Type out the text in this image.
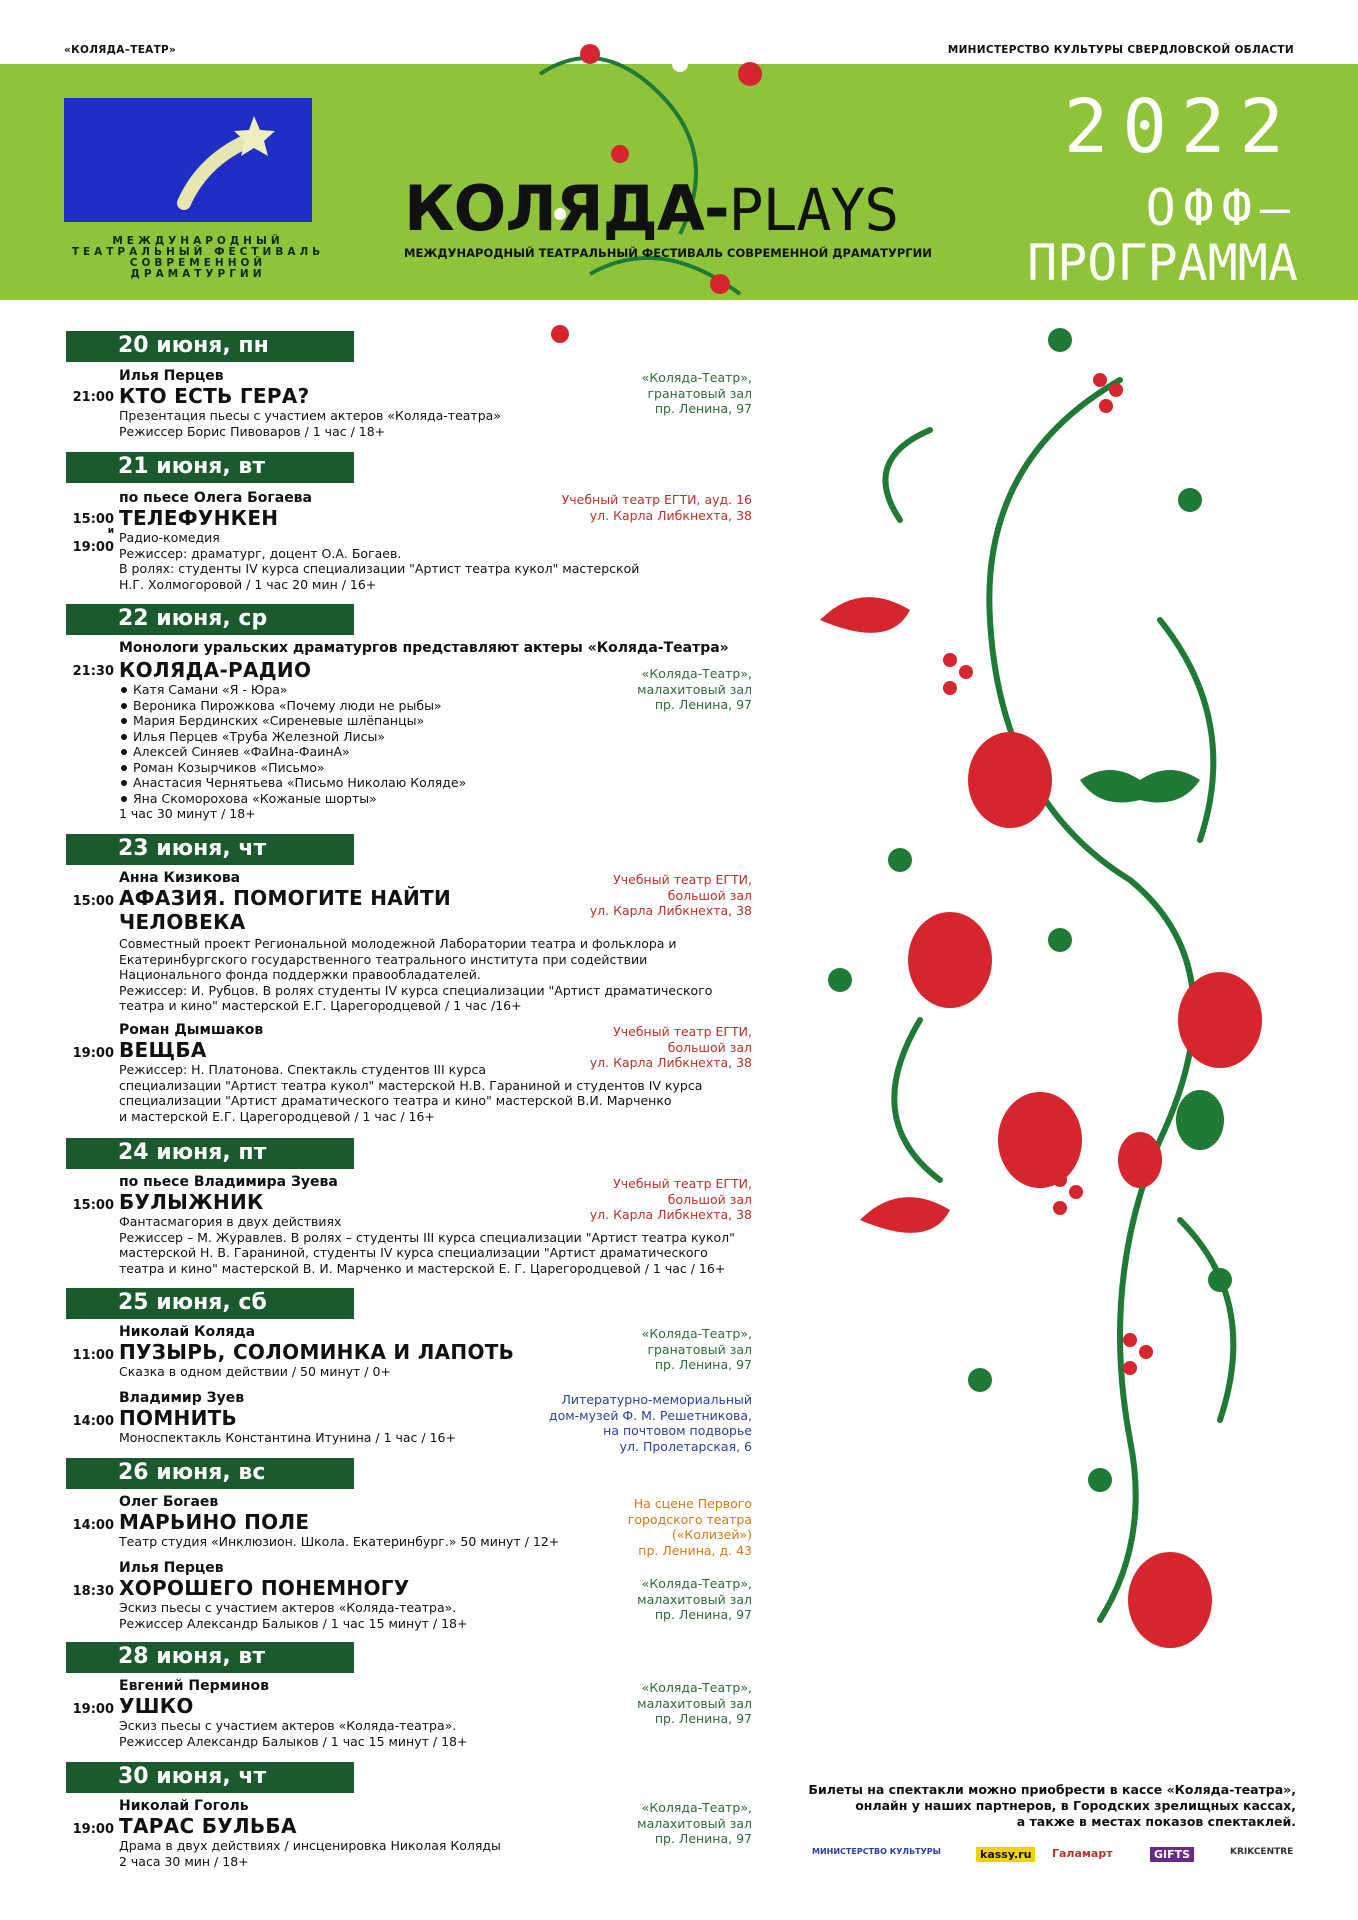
«КОЛЯДА–ТЕАТР»	МИНИСТЕРСТВО КУЛЬТУРЫ СВЕРДЛОВСКОЙ ОБЛАСТИ
МЕЖДУНАРОДНЫЙ
ТЕАТРАЛЬНЫЙ ФЕСТИВАЛЬ
СОВРЕМЕННОЙ ДРАМАТУРГИИ
КОЛЯДА-PLAYS
МЕЖДУНАРОДНЫЙ ТЕАТРАЛЬНЫЙ ФЕСТИВАЛЬ СОВРЕМЕННОЙ ДРАМАТУРГИИ
2022
ОФФ–
ПРОГРАММА
20 июня, пн
Илья Перцев
21:00 КТО ЕСТЬ ГЕРА?
Презентация пьесы с участием актеров «Коляда-театра»
Режиссер Борис Пивоваров / 1 час / 18+
«Коляда-Театр»,
гранатовый зал
пр. Ленина, 97
21 июня, вт
по пьесе Олега Богаева
15:00
и
19:00
ТЕЛЕФУНКЕН
Радио-комедия
Режиссер: драматург, доцент О.А. Богаев.
В ролях: студенты IV курса специализации "Артист театра кукол" мастерской
Н.Г. Холмогоровой / 1 час 20 мин / 16+
Учебный театр ЕГТИ, ауд. 16
ул. Карла Либкнехта, 38
22 июня, ср
Монологи уральских драматургов представляют актеры «Коляда-Театра»
21:30 КОЛЯДА-РАДИО
Катя Самани «Я - Юра»
Вероника Пирожкова «Почему люди не рыбы»
Мария Бердинских «Сиреневые шлёпанцы»
Илья Перцев «Труба Железной Лисы»
Алексей Синяев «ФаИна-ФаинА»
Роман Козырчиков «Письмо»
Анастасия Чернятьева «Письмо Николаю Коляде»
Яна Скоморохова «Кожаные шорты»
1 час 30 минут / 18+
«Коляда-Театр»,
малахитовый зал
пр. Ленина, 97
23 июня, чт
Анна Кизикова
15:00 АФАЗИЯ. ПОМОГИТЕ НАЙТИ
ЧЕЛОВЕКА
Совместный проект Региональной молодежной Лаборатории театра и фольклора и
Екатеринбургского государственного театрального института при содействии
Национального фонда поддержки правообладателей.
Режиссер: И. Рубцов. В ролях студенты IV курса специализации "Артист драматического
театра и кино" мастерской Е.Г. Царегородцевой / 1 час /16+
Учебный театр ЕГТИ,
большой зал
ул. Карла Либкнехта, 38
Роман Дымшаков
19:00 ВЕЩБА
Режиссер: Н. Платонова. Спектакль студентов III курса
специализации "Артист театра кукол" мастерской Н.В. Гараниной и студентов IV курса
специализации "Артист драматического театра и кино" мастерской В.И. Марченко
и мастерской Е.Г. Царегородцевой / 1 час / 16+
Учебный театр ЕГТИ,
большой зал
ул. Карла Либкнехта, 38
24 июня, пт
по пьесе Владимира Зуева
15:00 БУЛЫЖНИК
Фантасмагория в двух действиях
Режиссер – М. Журавлев. В ролях – студенты III курса специализации "Артист театра кукол"
мастерской Н. В. Гараниной, студенты IV курса специализации "Артист драматического
театра и кино" мастерской В. И. Марченко и мастерской Е. Г. Царегородцевой / 1 час / 16+
Учебный театр ЕГТИ,
большой зал
ул. Карла Либкнехта, 38
25 июня, сб
Николай Коляда
11:00 ПУЗЫРЬ, СОЛОМИНКА И ЛАПОТЬ
Сказка в одном действии / 50 минут / 0+
«Коляда-Театр»,
гранатовый зал
пр. Ленина, 97
Владимир Зуев
14:00 ПОМНИТЬ
Моноспектакль Константина Итунина / 1 час / 16+
Литературно-мемориальный
дом-музей Ф. М. Решетникова,
на почтовом подворье
ул. Пролетарская, 6
26 июня, вс
Олег Богаев
14:00 МАРЬИНО ПОЛЕ
Театр студия «Инклюзион. Школа. Екатеринбург.» 50 минут / 12+
На сцене Первого
городского театра
(«Колизей»)
пр. Ленина, д. 43
Илья Перцев
18:30 ХОРОШЕГО ПОНЕМНОГУ
Эскиз пьесы с участием актеров «Коляда-театра».
Режиссер Александр Балыков / 1 час 15 минут / 18+
«Коляда-Театр»,
малахитовый зал
пр. Ленина, 97
28 июня, вт
Евгений Перминов
19:00 УШКО
Эскиз пьесы с участием актеров «Коляда-театра».
Режиссер Александр Балыков / 1 час 15 минут / 18+
«Коляда-Театр»,
малахитовый зал
пр. Ленина, 97
30 июня, чт
Николай Гоголь
19:00 ТАРАС БУЛЬБА
Драма в двух действиях / инсценировка Николая Коляды
2 часа 30 мин / 18+
«Коляда-Театр»,
малахитовый зал
пр. Ленина, 97
Билеты на спектакли можно приобрести в кассе «Коляда-театра»,
онлайн у наших партнеров, в Городских зрелищных кассах,
а также в местах показов спектаклей.
МИНИСТЕРСТВО КУЛЬТУРЫ	kassy.ru	Галамарт	GIFTS	KRIKCENTRE
